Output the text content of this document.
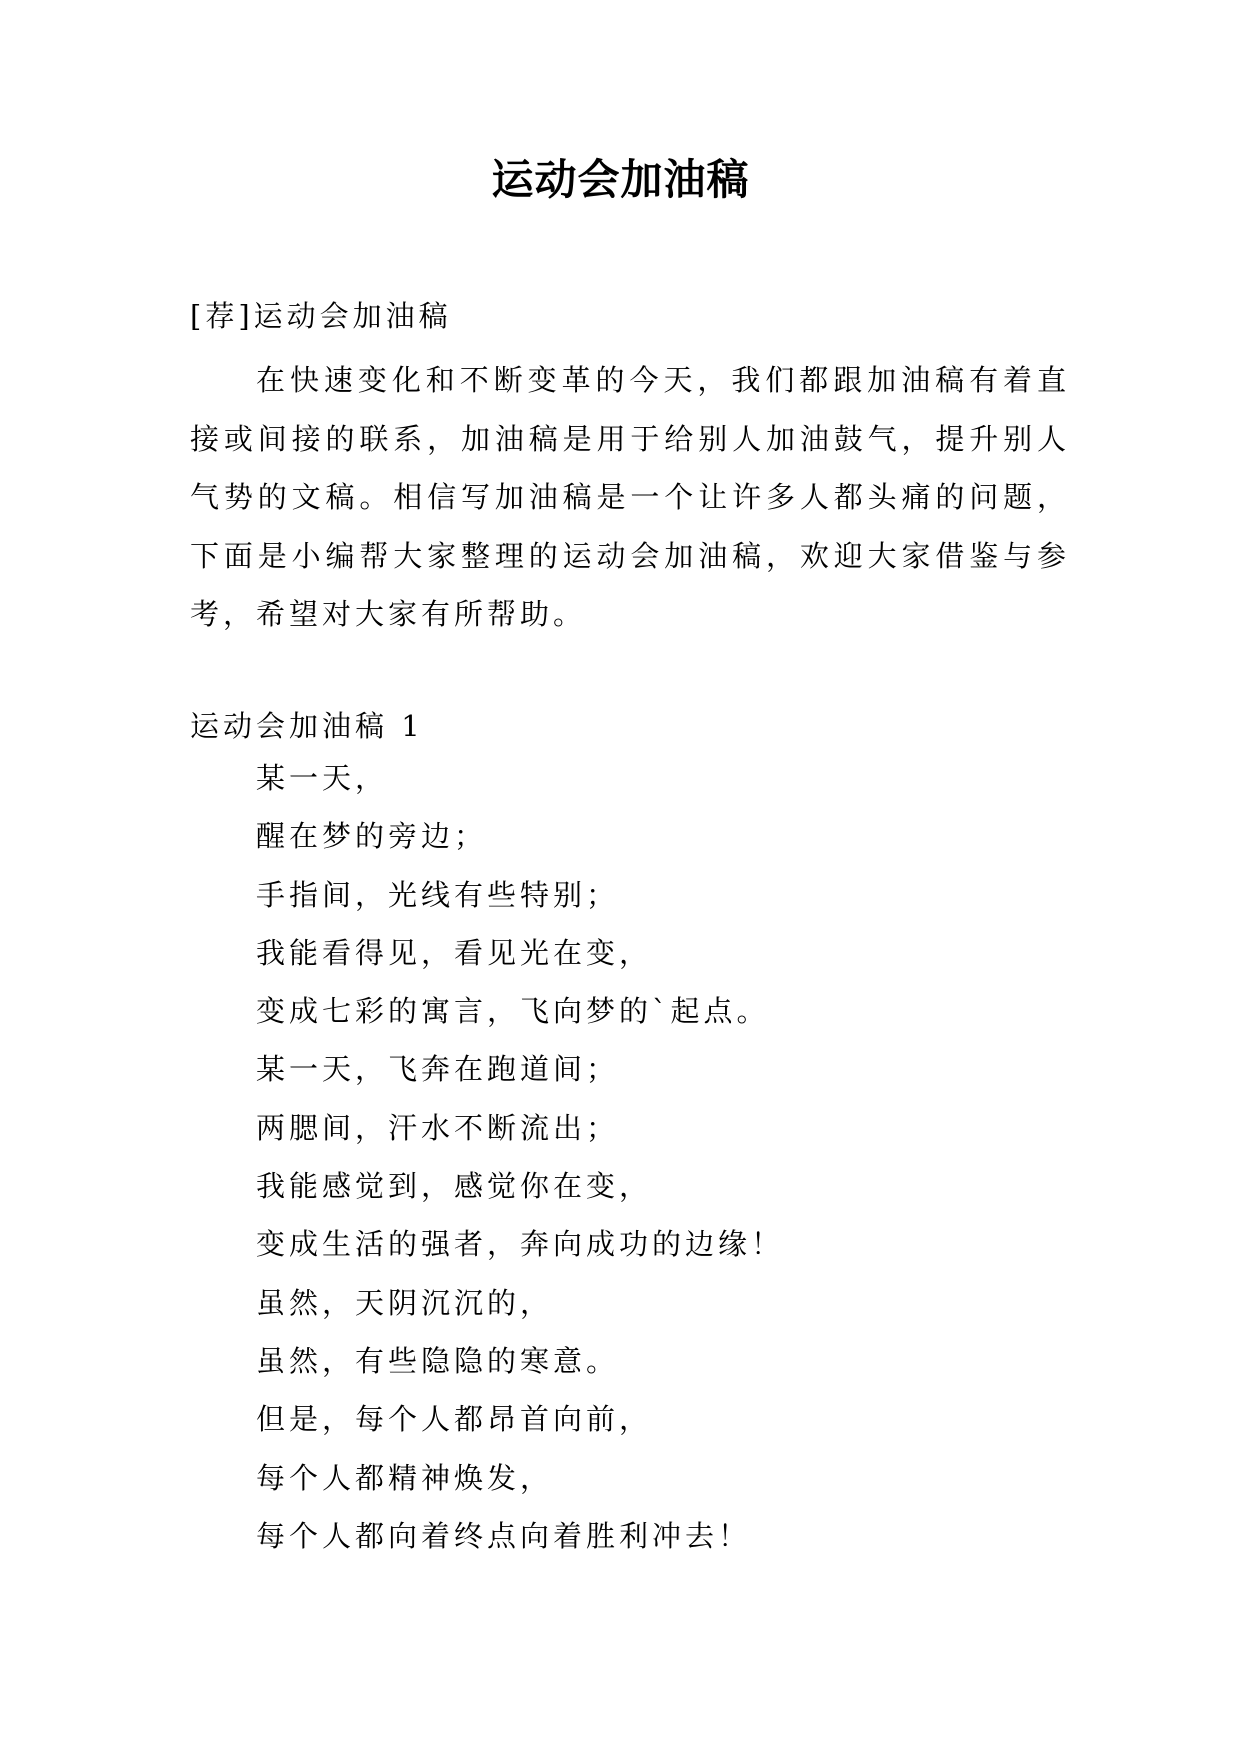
运动会加油稿
[荐]运动会加油稿
在快速变化和不断变革的今天，我们都跟加油稿有着直接或间接的联系，加油稿是用于给别人加油鼓气，提升别人气势的文稿。相信写加油稿是一个让许多人都头痛的问题，下面是小编帮大家整理的运动会加油稿，欢迎大家借鉴与参考，希望对大家有所帮助。
运动会加油稿 1
某一天，
醒在梦的旁边；
手指间，光线有些特别；
我能看得见，看见光在变，
变成七彩的寓言，飞向梦的`起点。
某一天，飞奔在跑道间；
两腮间，汗水不断流出；
我能感觉到，感觉你在变，
变成生活的强者，奔向成功的边缘！
虽然，天阴沉沉的，
虽然，有些隐隐的寒意。
但是，每个人都昂首向前，
每个人都精神焕发，
每个人都向着终点向着胜利冲去！
